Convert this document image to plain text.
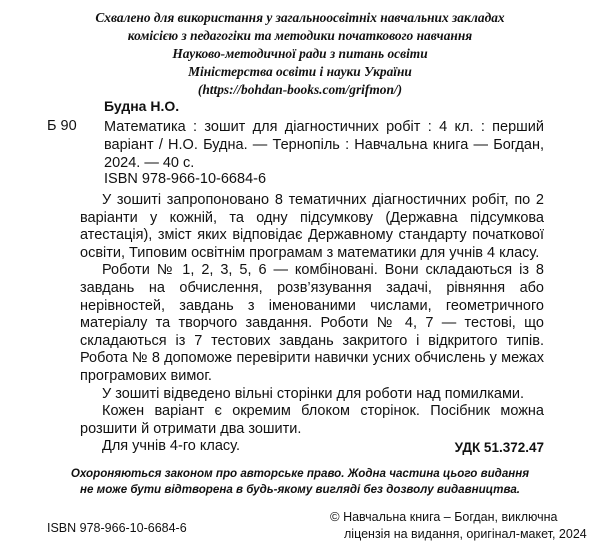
Схвалено для використання у загальноосвітніх навчальних закладах
комісією з педагогіки та методики початкового навчання
Науково-методичної ради з питань освіти
Міністерства освіти і науки України
(https://bohdan-books.com/grifmon/)
Будна Н.О.
Б 90 Математика : зошит для діагностичних робіт : 4 кл. : перший
варіант / Н.О. Будна. — Тернопіль : Навчальна книга — Богдан, 2024. — 40 с.
ISBN 978-966-10-6684-6

У зошиті запропоновано 8 тематичних діагностичних робіт, по 2 варіанти у кожній, та одну підсумкову (Державна підсумкова атестація), зміст яких відповідає Державному стандарту початкової освіти, Типовим освітнім програмам з математики для учнів 4 класу.

Роботи № 1, 2, 3, 5, 6 — комбіновані. Вони складаються із 8 завдань на обчислення, розв’язування задачі, рівняння або нерівностей, завдань з іменованими числами, геометричного матеріалу та творчого завдання. Роботи № 4, 7 — тестові, що складаються із 7 тестових завдань закритого і відкритого типів. Робота № 8 допоможе перевірити навички усних обчислень у межах програмових вимог.

У зошиті відведено вільні сторінки для роботи над помилками.

Кожен варіант є окремим блоком сторінок. Посібник можна розшити й отримати два зошити.

Для учнів 4-го класу.	УДК 51.372.47
Охороняються законом про авторське право. Жодна частина цього видання
не може бути відтворена в будь-якому вигляді без дозволу видавництва.
ISBN 978-966-10-6684-6
© Навчальна книга – Богдан, виключна
ліцензія на видання, оригінал-макет, 2024
